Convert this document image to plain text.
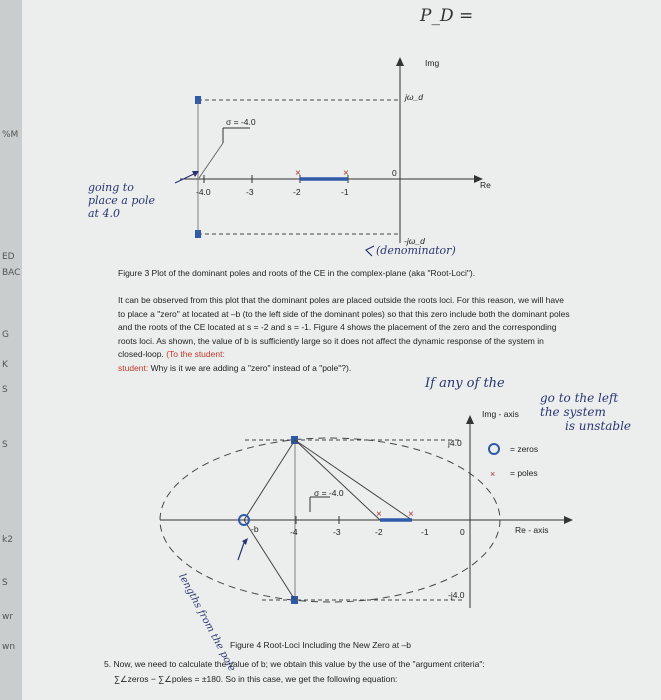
%M
ED
BAC
G
K
S
S
k2
S
wr
wn
P_D =
×	×
Img
Re
jω_d
-jω_d
σ = -4.0
-4.0	-3	-2	-1
0
going to
place a pole
at 4.0
(denominator)
Figure 3 Plot of the dominant poles and roots of the CE in the complex-plane (aka "Root-Loci").

It can be observed from this plot that the dominant poles are placed outside the roots loci. For this reason, we will have to place a "zero" at located at –b (to the left side of the dominant poles) so that this zero include both the dominant poles and the roots of the CE located at s = -2 and s = -1. Figure 4 shows the placement of the zero and the corresponding roots loci. As shown, the value of b is sufficiently large so it does not affect the dynamic response of the system in closed-loop. (To the student:
student: Why is it we are adding a "zero" instead of a "pole"?).

If any of the
go to the left
the system
is unstable
×	×
×
Img - axis
Re - axis
j4.0
-j4.0
σ = -4.0
= zeros
= poles
-b	-4	-3	-2	-1	0
lengths from the pole
Figure 4 Root-Loci Including the New Zero at –b
5. Now, we need to calculate the value of b; we obtain this value by the use of the "argument criteria":
∑∠zeros − ∑∠poles = ±180. So in this case, we get the following equation:
